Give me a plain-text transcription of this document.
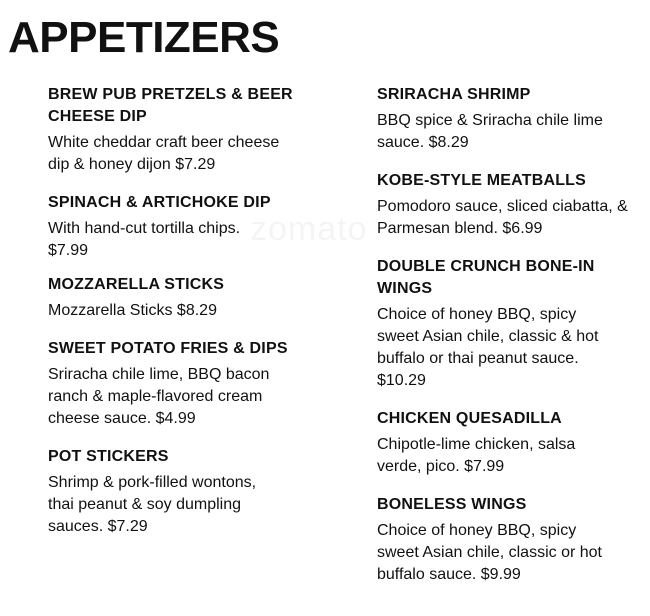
APPETIZERS

BREW PUB PRETZELS & BEER CHEESE DIP

White cheddar craft beer cheese dip & honey dijon $7.29

SPINACH & ARTICHOKE DIP

With hand-cut tortilla chips. $7.99

MOZZARELLA STICKS

Mozzarella Sticks $8.29

SWEET POTATO FRIES & DIPS

Sriracha chile lime, BBQ bacon ranch & maple-flavored cream cheese sauce. $4.99

POT STICKERS

Shrimp & pork-filled wontons, thai peanut & soy dumpling sauces. $7.29

SRIRACHA SHRIMP

BBQ spice & Sriracha chile lime sauce. $8.29

KOBE-STYLE MEATBALLS

Pomodoro sauce, sliced ciabatta, & Parmesan blend. $6.99

DOUBLE CRUNCH BONE-IN WINGS

Choice of honey BBQ, spicy sweet Asian chile, classic & hot buffalo or thai peanut sauce. $10.29

CHICKEN QUESADILLA

Chipotle-lime chicken, salsa verde, pico. $7.99

BONELESS WINGS

Choice of honey BBQ, spicy sweet Asian chile, classic or hot buffalo sauce. $9.99
